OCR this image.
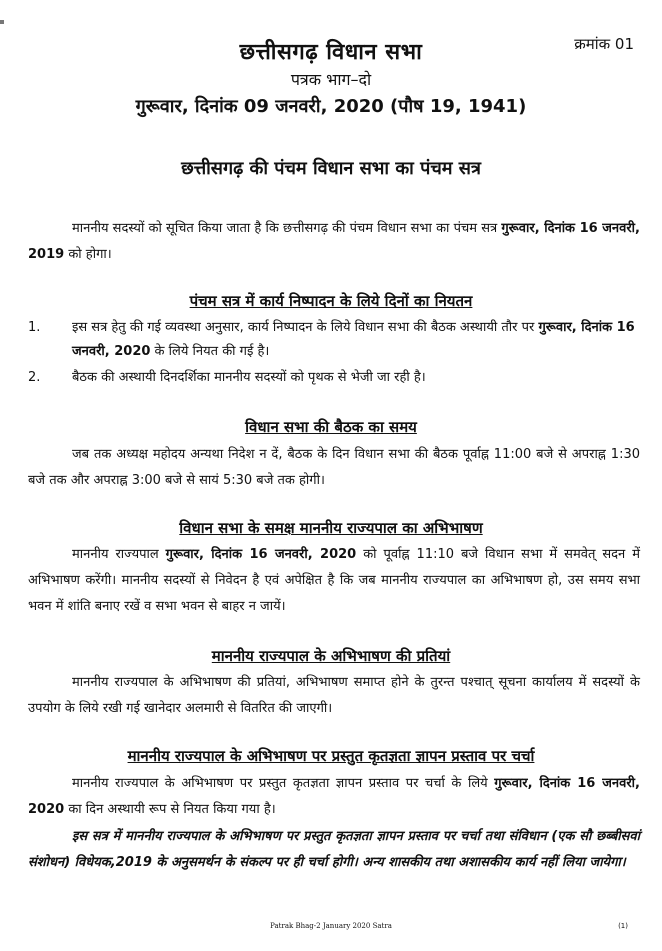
क्रमांक 01
छत्तीसगढ़ विधान सभा
पत्रक भाग–दो
गुरूवार, दिनांक 09 जनवरी, 2020 (पौष 19, 1941)
छत्तीसगढ़ की पंचम विधान सभा का पंचम सत्र
माननीय सदस्यों को सूचित किया जाता है कि छत्तीसगढ़ की पंचम विधान सभा का पंचम सत्र गुरूवार, दिनांक 16 जनवरी, 2019 को होगा।
पंचम सत्र में कार्य निष्पादन के लिये दिनों का नियतन
1.	इस सत्र हेतु की गई व्यवस्था अनुसार, कार्य निष्पादन के लिये विधान सभा की बैठक अस्थायी तौर पर गुरूवार, दिनांक 16 जनवरी, 2020 के लिये नियत की गई है।
2.	बैठक की अस्थायी दिनदर्शिका माननीय सदस्यों को पृथक से भेजी जा रही है।
विधान सभा की बैठक का समय
जब तक अध्यक्ष महोदय अन्यथा निदेश न दें, बैठक के दिन विधान सभा की बैठक पूर्वाह्न 11:00 बजे से अपराह्न 1:30 बजे तक और अपराह्न 3:00 बजे से सायं 5:30 बजे तक होगी।
विधान सभा के समक्ष माननीय राज्यपाल का अभिभाषण
माननीय राज्यपाल गुरूवार, दिनांक 16 जनवरी, 2020 को पूर्वाह्न 11:10 बजे विधान सभा में समवेत् सदन में अभिभाषण करेंगी। माननीय सदस्यों से निवेदन है एवं अपेक्षित है कि जब माननीय राज्यपाल का अभिभाषण हो, उस समय सभा भवन में शांति बनाए रखें व सभा भवन से बाहर न जायें।
माननीय राज्यपाल के अभिभाषण की प्रतियां
माननीय राज्यपाल के अभिभाषण की प्रतियां, अभिभाषण समाप्त होने के तुरन्त पश्चात् सूचना कार्यालय में सदस्यों के उपयोग के लिये रखी गई खानेदार अलमारी से वितरित की जाएगी।
माननीय राज्यपाल के अभिभाषण पर प्रस्तुत कृतज्ञता ज्ञापन प्रस्ताव पर चर्चा
माननीय राज्यपाल के अभिभाषण पर प्रस्तुत कृतज्ञता ज्ञापन प्रस्ताव पर चर्चा के लिये गुरूवार, दिनांक 16 जनवरी, 2020 का दिन अस्थायी रूप से नियत किया गया है।
इस सत्र में माननीय राज्यपाल के अभिभाषण पर प्रस्तुत कृतज्ञता ज्ञापन प्रस्ताव पर चर्चा तथा संविधान (एक सौ छब्बीसवां संशोधन) विधेयक,2019 के अनुसमर्थन के संकल्प पर ही चर्चा होगी। अन्य शासकीय तथा अशासकीय कार्य नहीं लिया जायेगा।
Patrak Bhag-2 January 2020 Satra	(1)
